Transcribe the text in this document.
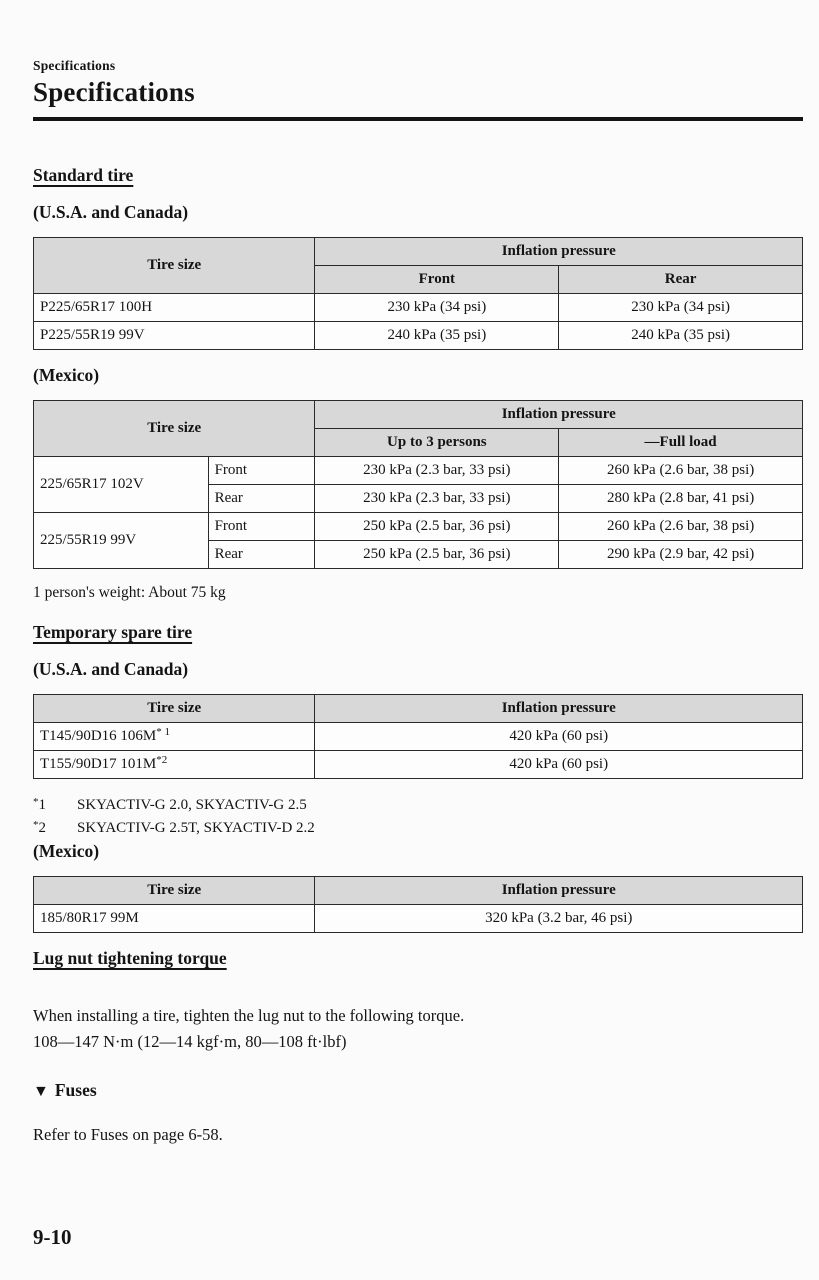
Specifications
Specifications

Standard tire

(U.S.A. and Canada)
Tire size	Inflation pressure	
	Front	Rear
P225/65R17 100H	230 kPa (34 psi)	230 kPa (34 psi)
P225/55R19 99V	240 kPa (35 psi)	240 kPa (35 psi)
(Mexico)
Tire size		Inflation pressure	
		Up to 3 persons	—Full load
225/65R17 102V	Front	230 kPa (2.3 bar, 33 psi)	260 kPa (2.6 bar, 38 psi)
	Rear	230 kPa (2.3 bar, 33 psi)	280 kPa (2.8 bar, 41 psi)
225/55R19 99V	Front	250 kPa (2.5 bar, 36 psi)	260 kPa (2.6 bar, 38 psi)
	Rear	250 kPa (2.5 bar, 36 psi)	290 kPa (2.9 bar, 42 psi)

1 person's weight: About 75 kg

Temporary spare tire

(U.S.A. and Canada)
Tire size	Inflation pressure
T145/90D16 106M$^{* 1}$	420 kPa (60 psi)
T155/90D17 101M$^{*2}$	420 kPa (60 psi)
*1	SKYACTIV-G 2.0, SKYACTIV-G 2.5
*2	SKYACTIV-G 2.5T, SKYACTIV-D 2.2
(Mexico)
Tire size	Inflation pressure
185/80R17 99M	320 kPa (3.2 bar, 46 psi)

Lug nut tightening torque

When installing a tire, tighten the lug nut to the following torque.

108—147 N·m (12—14 kgf·m, 80—108 ft·lbf)

▼ Fuses

Refer to Fuses on page 6-58.

9-10
